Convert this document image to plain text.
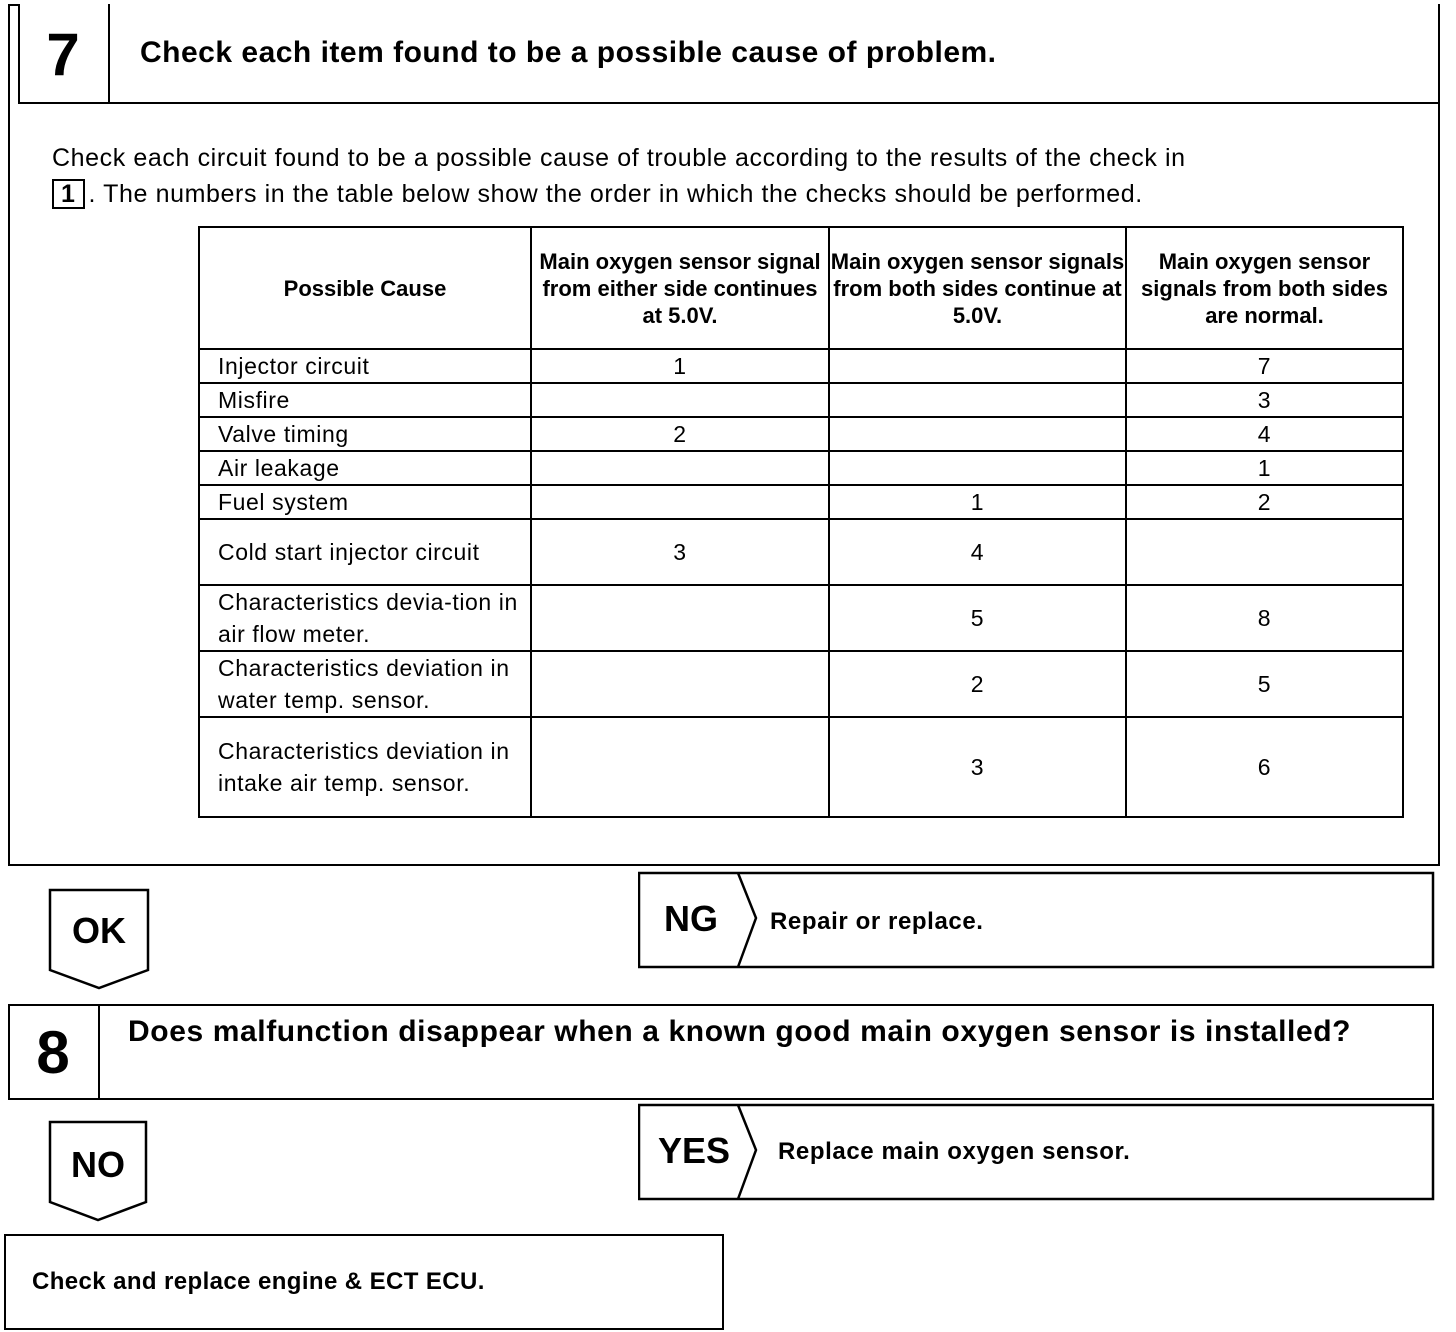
7	Check each item found to be a possible cause of problem.
Check each circuit found to be a possible cause of trouble according to the results of the check in
1 . The numbers in the table below show the order in which the checks should be performed.
Possible Cause	Main oxygen sensor signal from either side continues at 5.0V.	Main oxygen sensor signals from both sides continue at 5.0V.	Main oxygen sensor signals from both sides are normal.
Injector circuit	1		7
Misfire			3
Valve timing	2		4
Air leakage			1
Fuel system		1	2
Cold start injector circuit	3	4	
Characteristics devia-tion in air flow meter.		5	8
Characteristics deviation in water temp. sensor.		2	5
Characteristics deviation in intake air temp. sensor.		3	6
OK	NG Repair or replace.
8	Does malfunction disappear when a known good main oxygen sensor is installed?
NO	YES Replace main oxygen sensor.
Check and replace engine & ECT ECU.
